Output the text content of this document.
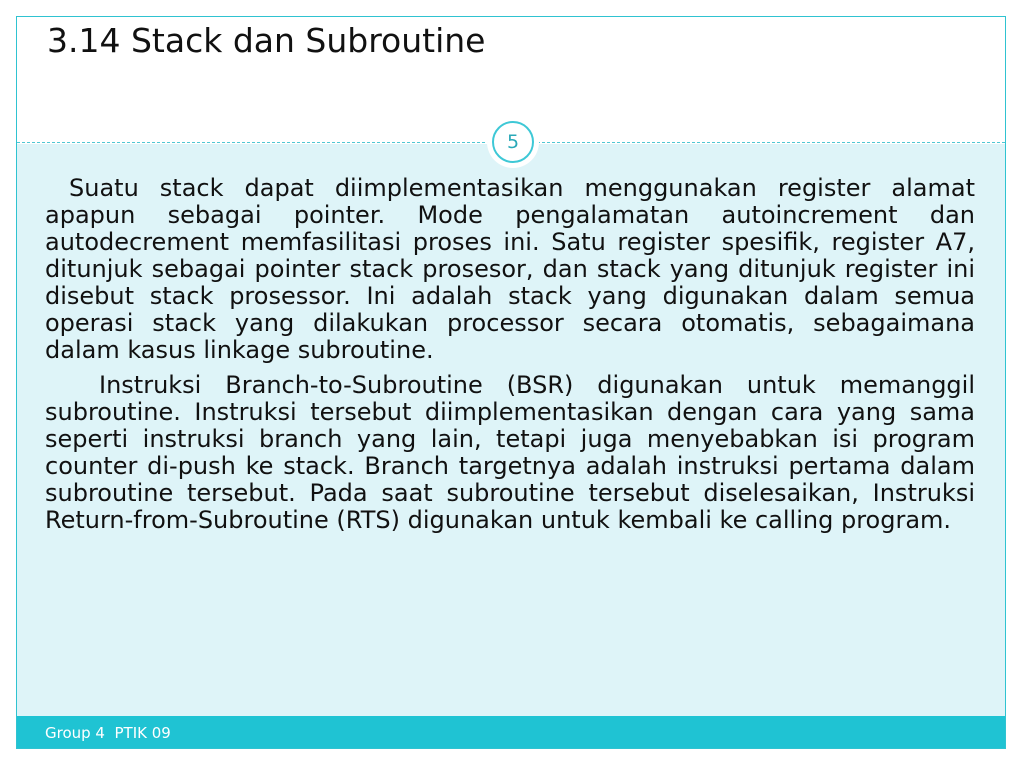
3.14 Stack dan Subroutine

Suatu stack dapat diimplementasikan menggunakan register alamat apapun sebagai pointer. Mode pengalamatan autoincrement dan autodecrement memfasilitasi proses ini. Satu register spesifik, register A7, ditunjuk sebagai pointer stack prosesor, dan stack yang ditunjuk register ini disebut stack prosessor. Ini adalah stack yang digunakan dalam semua operasi stack yang dilakukan processor secara otomatis, sebagaimana dalam kasus linkage subroutine.

Instruksi Branch-to-Subroutine (BSR) digunakan untuk memanggil subroutine. Instruksi tersebut diimplementasikan dengan cara yang sama seperti instruksi branch yang lain, tetapi juga menyebabkan isi program counter di-push ke stack. Branch targetnya adalah instruksi pertama dalam subroutine tersebut. Pada saat subroutine tersebut diselesaikan, Instruksi Return-from-Subroutine (RTS) digunakan untuk kembali ke calling program.

Group 4  PTIK 09
5
